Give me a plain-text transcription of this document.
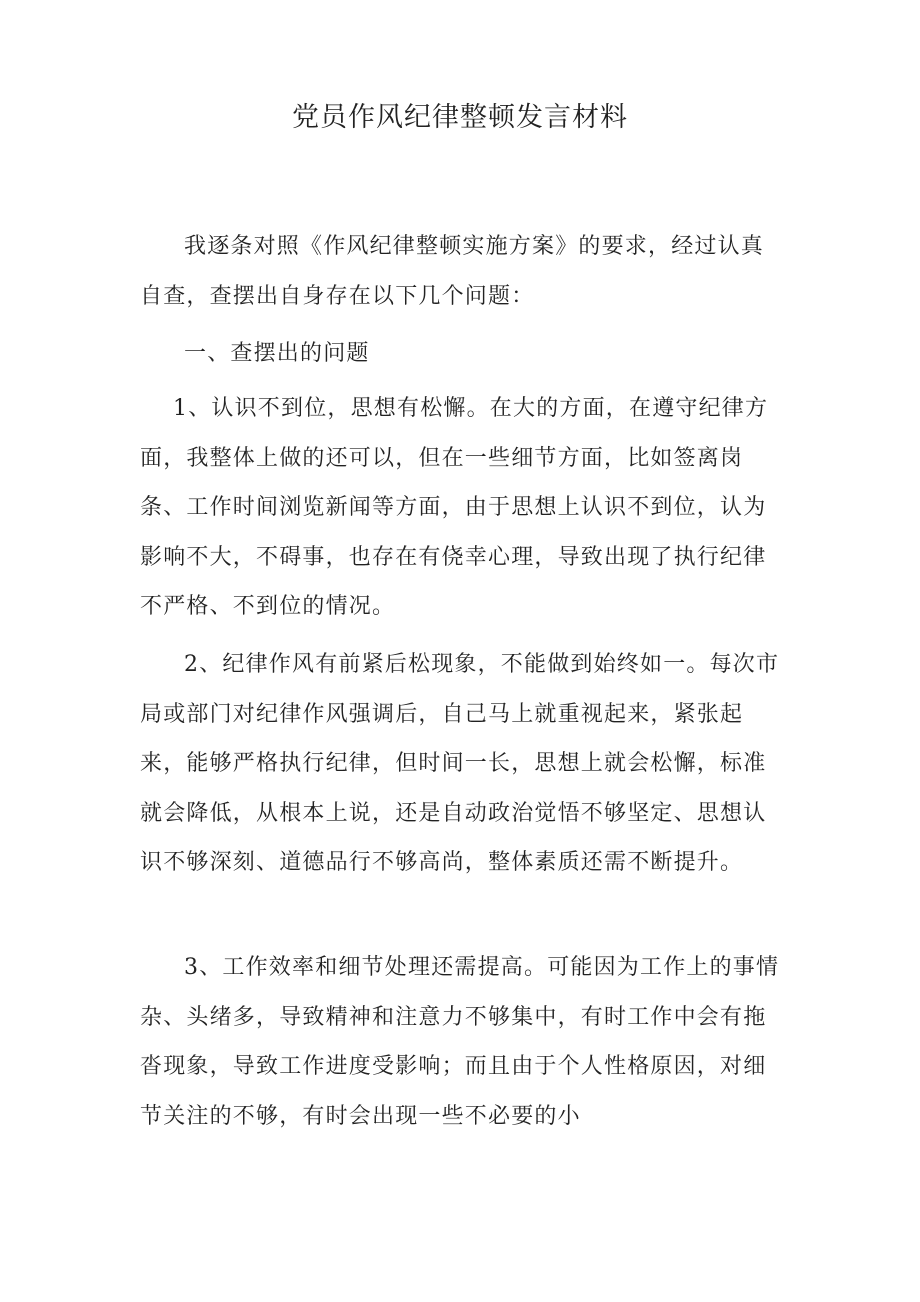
党员作风纪律整顿发言材料

我逐条对照《作风纪律整顿实施方案》的要求，经过认真自查，查摆出自身存在以下几个问题：

一、查摆出的问题

1、认识不到位，思想有松懈。在大的方面，在遵守纪律方面，我整体上做的还可以，但在一些细节方面，比如签离岗条、工作时间浏览新闻等方面，由于思想上认识不到位，认为影响不大，不碍事，也存在有侥幸心理，导致出现了执行纪律不严格、不到位的情况。

2、纪律作风有前紧后松现象，不能做到始终如一。每次市局或部门对纪律作风强调后，自己马上就重视起来，紧张起来，能够严格执行纪律，但时间一长，思想上就会松懈，标准就会降低，从根本上说，还是自动政治觉悟不够坚定、思想认识不够深刻、道德品行不够高尚，整体素质还需不断提升。

3、工作效率和细节处理还需提高。可能因为工作上的事情杂、头绪多，导致精神和注意力不够集中，有时工作中会有拖沓现象，导致工作进度受影响；而且由于个人性格原因，对细节关注的不够，有时会出现一些不必要的小
